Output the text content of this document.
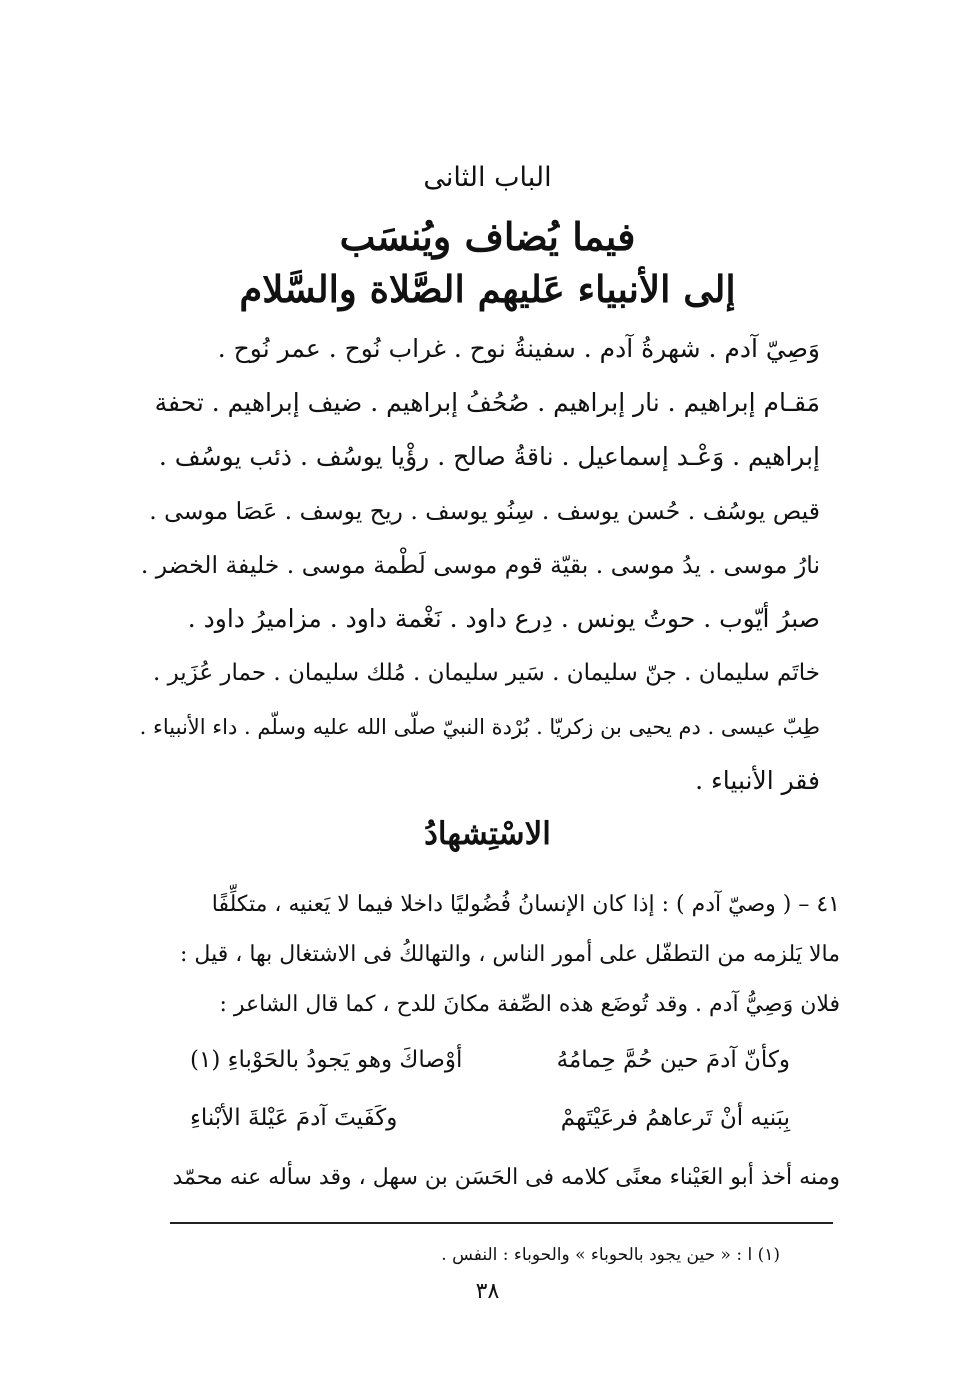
الباب الثانى
فيما يُضاف ويُنسَب
إلى الأنبياء عَليهم الصَّلاة والسَّلام
وَصِيّ آدم . شهرةُ آدم . سفينةُ نوح . غراب نُوح . عمر نُوح .
مَقـام إبراهيم . نار إبراهيم . صُحُفُ إبراهيم . ضيف إبراهيم . تحفة
إبراهيم . وَعْـد إسماعيل . ناقةُ صالح . رؤْيا يوسُف . ذئب يوسُف .
قيص يوسُف . حُسن يوسف . سِنُو يوسف . ريح يوسف . عَصَا موسى .
نارُ موسى . يدُ موسى . بقيّة قوم موسى لَطْمة موسى . خليفة الخضر .
صبرُ أيّوب . حوتُ يونس . دِرع داود . نَغْمة داود . مزاميرُ داود .
خاتَم سليمان . جنّ سليمان . سَير سليمان . مُلك سليمان . حمار عُزَير .
طِبّ عيسى . دم يحيى بن زكريّا . بُرْدة النبيّ صلّى الله عليه وسلّم . داء الأنبياء .
فقر الأنبياء .
الاسْتِشهادُ
٤١ – ( وصيّ آدم ) : إذا كان الإنسانُ فُضُوليًا داخلا فيما لا يَعنيه ، متكلِّفًا
مالا يَلزمه من التطفّل على أمور الناس ، والتهالكُ فى الاشتغال بها ، قيل :
فلان وَصِيُّ آدم . وقد تُوضَع هذه الصِّفة مكانَ للدح ، كما قال الشاعر :
وكأنّ آدمَ حين حُمَّ حِمامُهُ
أوْصاكَ وهو يَجودُ بالحَوْباءِ (١)
بِبَنيه أنْ تَرعاهمُ فرعَيْتَهمْ
وكَفَيتَ آدمَ عَيْلةَ الأبْناءِ
ومنه أخذ أبو العَيْناء معنًى كلامه فى الحَسَن بن سهل ، وقد سأله عنه محمّد
(١) ا : « حين يجود بالحوباء » والحوباء : النفس .
٣٨
